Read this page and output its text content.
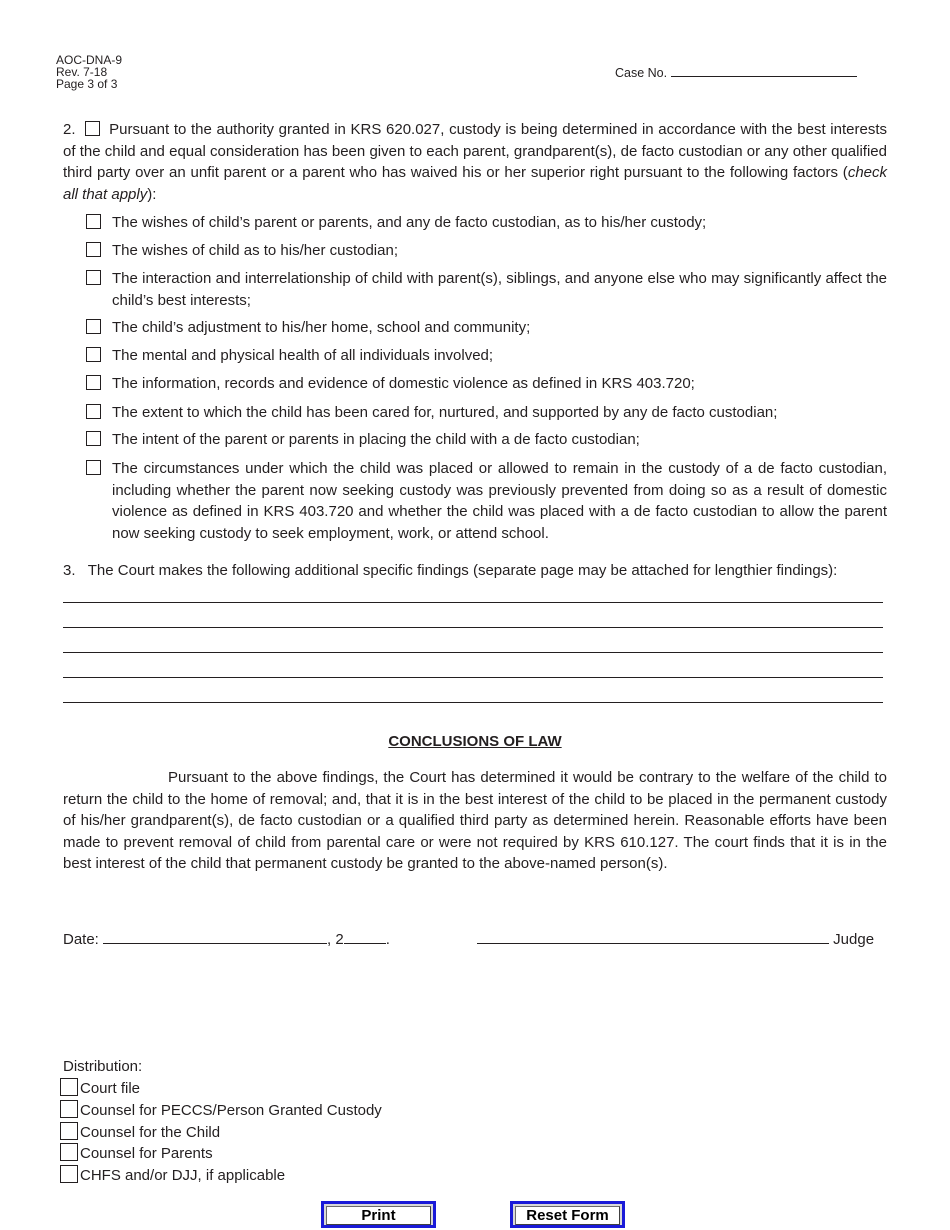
AOC-DNA-9
Rev. 7-18
Page 3 of 3
Case No.
2. Pursuant to the authority granted in KRS 620.027, custody is being determined in accordance with the best interests of the child and equal consideration has been given to each parent, grandparent(s), de facto custodian or any other qualified third party over an unfit parent or a parent who has waived his or her superior right pursuant to the following factors (check all that apply):
The wishes of child’s parent or parents, and any de facto custodian, as to his/her custody;
The wishes of child as to his/her custodian;
The interaction and interrelationship of child with parent(s), siblings, and anyone else who may significantly affect the child’s best interests;
The child’s adjustment to his/her home, school and community;
The mental and physical health of all individuals involved;
The information, records and evidence of domestic violence as defined in KRS 403.720;
The extent to which the child has been cared for, nurtured, and supported by any de facto custodian;
The intent of the parent or parents in placing the child with a de facto custodian;
The circumstances under which the child was placed or allowed to remain in the custody of a de facto custodian, including whether the parent now seeking custody was previously prevented from doing so as a result of domestic violence as defined in KRS 403.720 and whether the child was placed with a de facto custodian to allow the parent now seeking custody to seek employment, work, or attend school.
3. The Court makes the following additional specific findings (separate page may be attached for lengthier findings):
CONCLUSIONS OF LAW
Pursuant to the above findings, the Court has determined it would be contrary to the welfare of the child to return the child to the home of removal; and, that it is in the best interest of the child to be placed in the permanent custody of his/her grandparent(s), de facto custodian or a qualified third party as determined herein. Reasonable efforts have been made to prevent removal of child from parental care or were not required by KRS 610.127. The court finds that it is in the best interest of the child that permanent custody be granted to the above-named person(s).
Date:	, 2	.	Judge
Distribution:
Court file
Counsel for PECCS/Person Granted Custody
Counsel for the Child
Counsel for Parents
CHFS and/or DJJ, if applicable
Print	Reset Form
